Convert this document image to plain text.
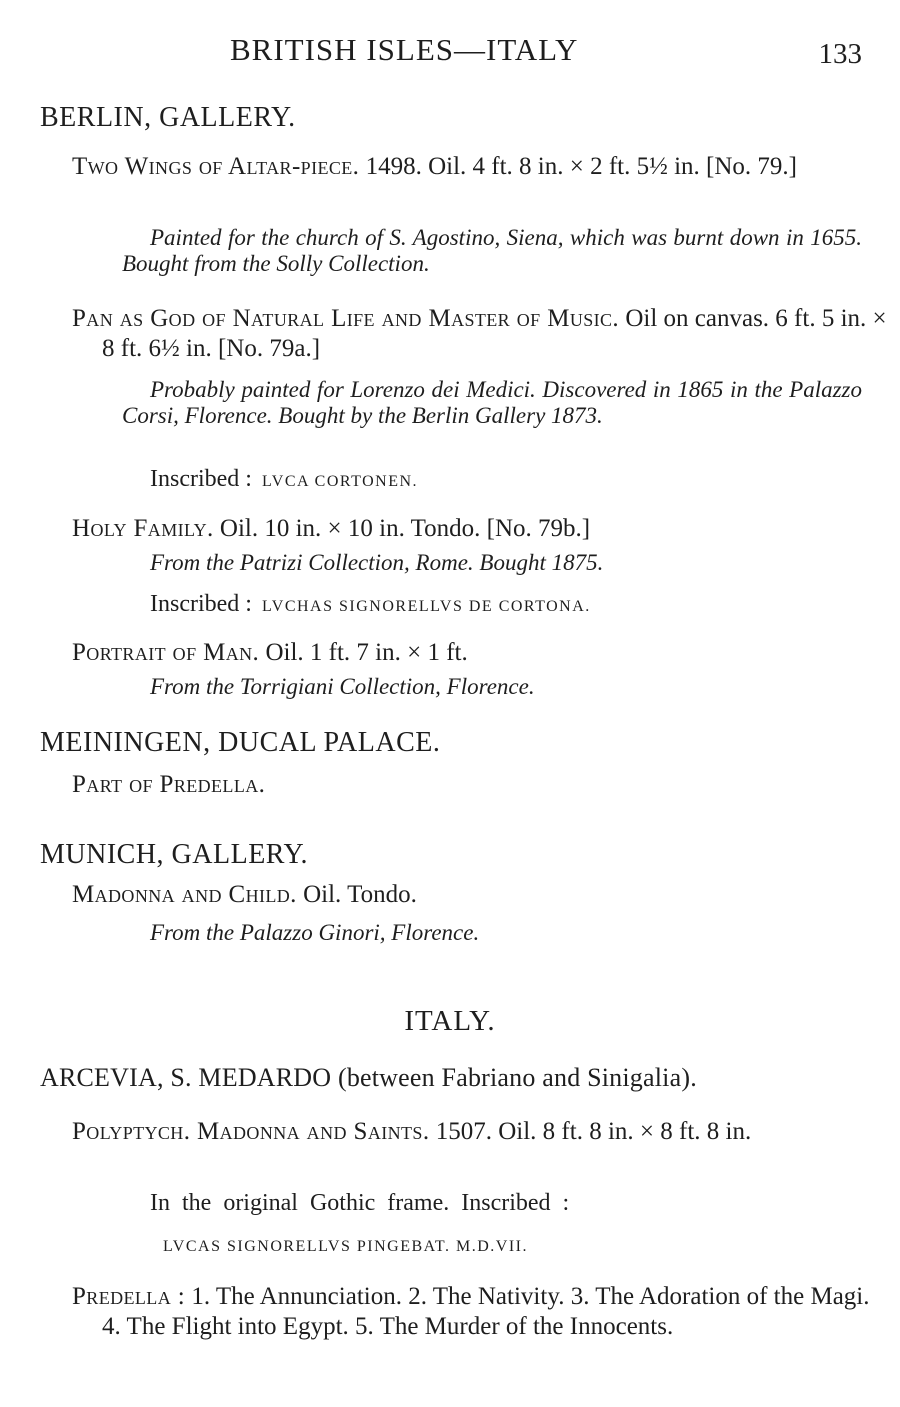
BRITISH ISLES—ITALY	133
BERLIN, GALLERY.
Two Wings of Altar-piece. 1498. Oil. 4 ft. 8 in. × 2 ft. 5½ in. [No. 79.]
Painted for the church of S. Agostino, Siena, which was burnt down in 1655. Bought from the Solly Collection.
Pan as God of Natural Life and Master of Music. Oil on canvas. 6 ft. 5 in. × 8 ft. 6½ in. [No. 79a.]
Probably painted for Lorenzo dei Medici. Discovered in 1865 in the Palazzo Corsi, Florence. Bought by the Berlin Gallery 1873.
Inscribed : LVCA CORTONEN.
Holy Family. Oil. 10 in. × 10 in. Tondo. [No. 79b.]
From the Patrizi Collection, Rome. Bought 1875.
Inscribed : LVCHAS SIGNORELLVS DE CORTONA.
Portrait of Man. Oil. 1 ft. 7 in. × 1 ft.
From the Torrigiani Collection, Florence.
MEININGEN, DUCAL PALACE.
Part of Predella.
MUNICH, GALLERY.
Madonna and Child. Oil. Tondo.
From the Palazzo Ginori, Florence.
ITALY.
ARCEVIA, S. MEDARDO (between Fabriano and Sinigalia).
Polyptych. Madonna and Saints. 1507. Oil. 8 ft. 8 in. × 8 ft. 8 in.
In the original Gothic frame. Inscribed :
LVCAS SIGNORELLVS PINGEBAT. M.D.VII.
Predella : 1. The Annunciation. 2. The Nativity. 3. The Adoration of the Magi. 4. The Flight into Egypt. 5. The Murder of the Innocents.
